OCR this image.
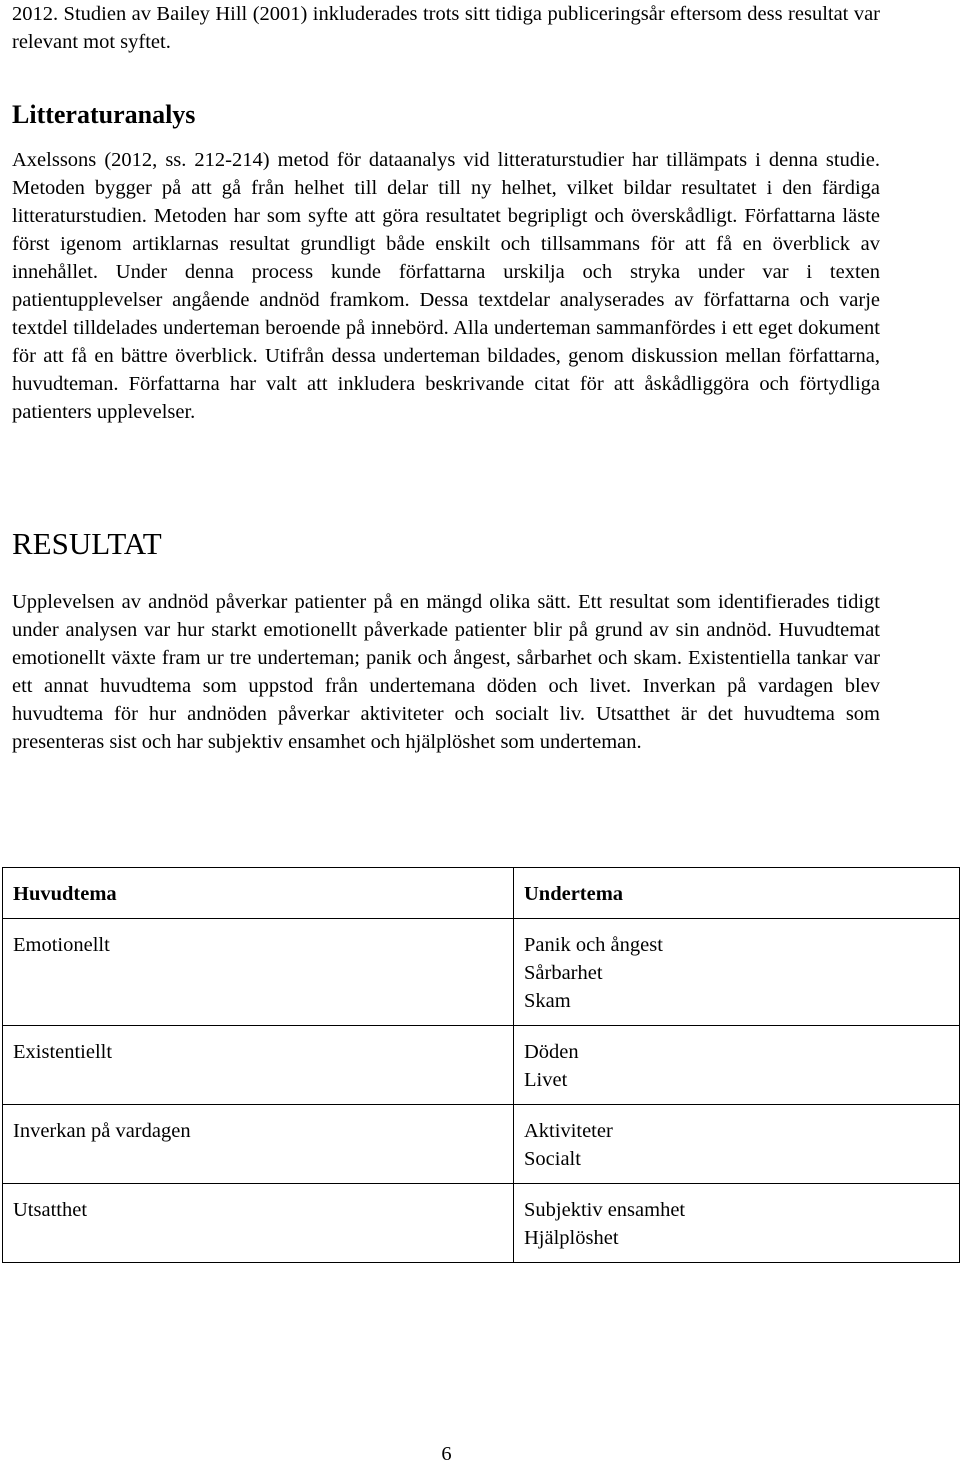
2012. Studien av Bailey Hill (2001) inkluderades trots sitt tidiga publiceringsår eftersom dess resultat var relevant mot syftet.

Litteraturanalys

Axelssons (2012, ss. 212-214) metod för dataanalys vid litteraturstudier har tillämpats i denna studie. Metoden bygger på att gå från helhet till delar till ny helhet, vilket bildar resultatet i den färdiga litteraturstudien. Metoden har som syfte att göra resultatet begripligt och överskådligt. Författarna läste först igenom artiklarnas resultat grundligt både enskilt och tillsammans för att få en överblick av innehållet. Under denna process kunde författarna urskilja och stryka under var i texten patientupplevelser angående andnöd framkom. Dessa textdelar analyserades av författarna och varje textdel tilldelades underteman beroende på innebörd. Alla underteman sammanfördes i ett eget dokument för att få en bättre överblick. Utifrån dessa underteman bildades, genom diskussion mellan författarna, huvudteman. Författarna har valt att inkludera beskrivande citat för att åskådliggöra och förtydliga patienters upplevelser.

RESULTAT

Upplevelsen av andnöd påverkar patienter på en mängd olika sätt. Ett resultat som identifierades tidigt under analysen var hur starkt emotionellt påverkade patienter blir på grund av sin andnöd. Huvudtemat emotionellt växte fram ur tre underteman; panik och ångest, sårbarhet och skam. Existentiella tankar var ett annat huvudtema som uppstod från undertemana döden och livet. Inverkan på vardagen blev huvudtema för hur andnöden påverkar aktiviteter och socialt liv. Utsatthet är det huvudtema som presenteras sist och har subjektiv ensamhet och hjälplöshet som underteman.

Huvudtema	Undertema
Emotionellt	Panik och ångest
Sårbarhet
Skam

Existentiellt	Döden
Livet

Inverkan på vardagen	Aktiviteter
Socialt

Utsatthet	Subjektiv ensamhet
Hjälplöshet
6
